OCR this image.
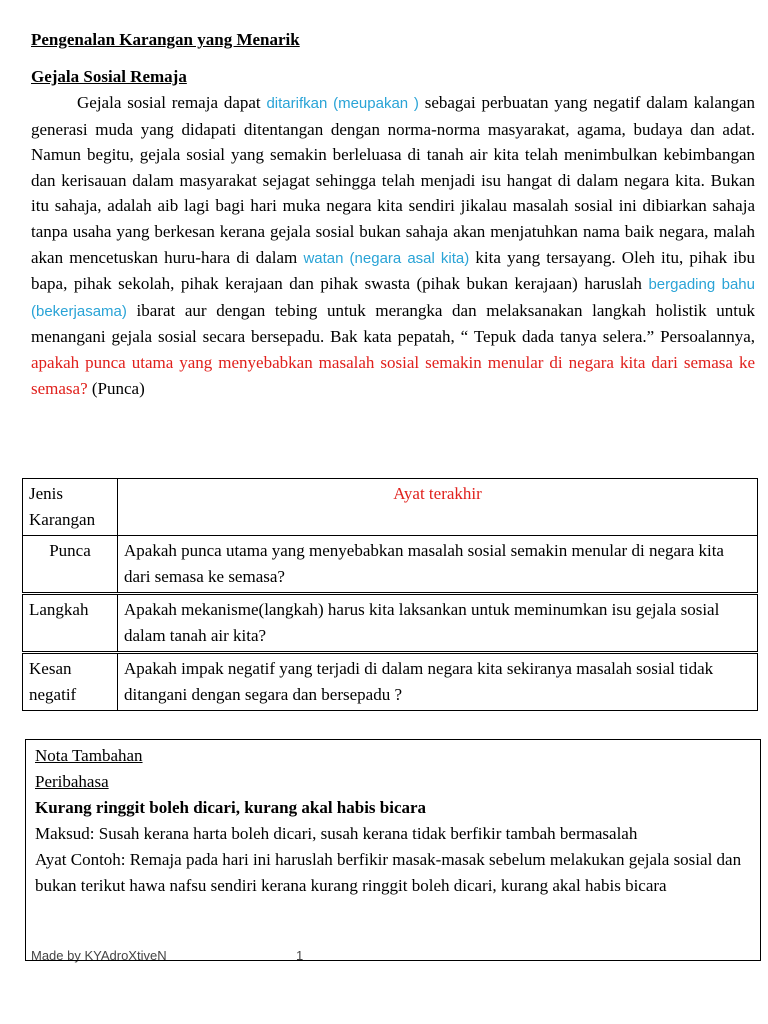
Pengenalan Karangan yang Menarik
Gejala Sosial Remaja

Gejala sosial remaja dapat ditarifkan (meupakan ) sebagai perbuatan yang negatif dalam kalangan generasi muda yang didapati ditentangan dengan norma-norma masyarakat, agama, budaya dan adat. Namun begitu, gejala sosial yang semakin berleluasa di tanah air kita telah menimbulkan kebimbangan dan kerisauan dalam masyarakat sejagat sehingga telah menjadi isu hangat di dalam negara kita. Bukan itu sahaja, adalah aib lagi bagi hari muka negara kita sendiri jikalau masalah sosial ini dibiarkan sahaja tanpa usaha yang berkesan kerana gejala sosial bukan sahaja akan menjatuhkan nama baik negara, malah akan mencetuskan huru-hara di dalam watan (negara asal kita) kita yang tersayang. Oleh itu, pihak ibu bapa, pihak sekolah, pihak kerajaan dan pihak swasta (pihak bukan kerajaan) haruslah bergading bahu (bekerjasama) ibarat aur dengan tebing untuk merangka dan melaksanakan langkah holistik untuk menangani gejala sosial secara bersepadu. Bak kata pepatah, “ Tepuk dada tanya selera.” Persoalannya, apakah punca utama yang menyebabkan masalah sosial semakin menular di negara kita dari semasa ke semasa? (Punca)

Jenis Karangan	Ayat terakhir
Punca	Apakah punca utama yang menyebabkan masalah sosial semakin menular di negara kita dari semasa ke semasa?
Langkah	Apakah mekanisme(langkah) harus kita laksankan untuk meminumkan isu gejala sosial dalam tanah air kita?
Kesan negatif	Apakah impak negatif yang terjadi di dalam negara kita sekiranya masalah sosial tidak ditangani dengan segara dan bersepadu ?
Made by KYAdroXtiveN	1
Nota Tambahan
Peribahasa
Kurang ringgit boleh dicari, kurang akal habis bicara
Maksud: Susah kerana harta boleh dicari, susah kerana tidak berfikir tambah bermasalah
Ayat Contoh: Remaja pada hari ini haruslah berfikir masak-masak sebelum melakukan gejala sosial dan bukan terikut hawa nafsu sendiri kerana kurang ringgit boleh dicari, kurang akal habis bicara
